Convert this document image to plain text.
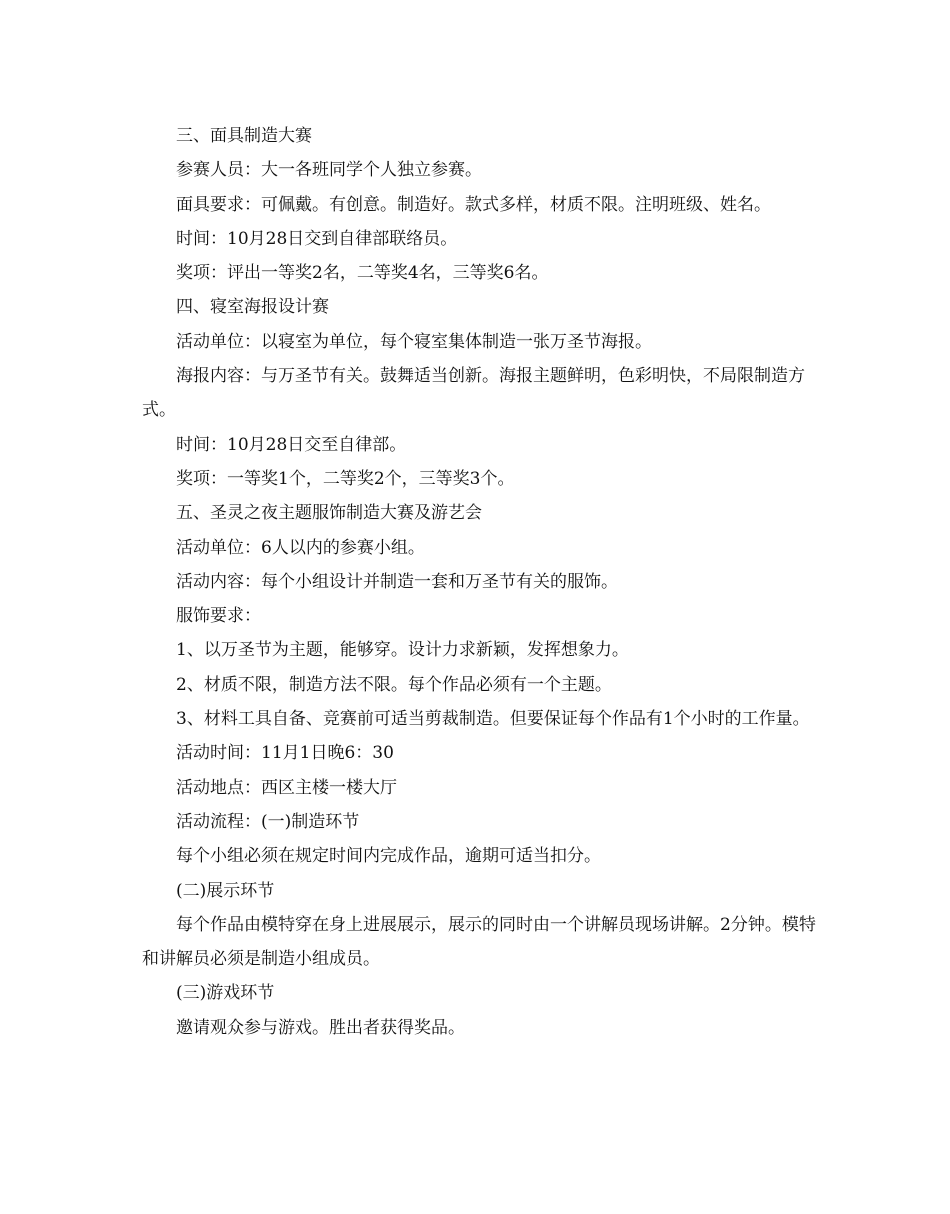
三、面具制造大赛

参赛人员：大一各班同学个人独立参赛。

面具要求：可佩戴。有创意。制造好。款式多样，材质不限。注明班级、姓名。

时间：10月28日交到自律部联络员。

奖项：评出一等奖2名，二等奖4名，三等奖6名。

四、寝室海报设计赛

活动单位：以寝室为单位，每个寝室集体制造一张万圣节海报。

海报内容：与万圣节有关。鼓舞适当创新。海报主题鲜明，色彩明快，不局限制造方式。

时间：10月28日交至自律部。

奖项：一等奖1个，二等奖2个，三等奖3个。

五、圣灵之夜主题服饰制造大赛及游艺会

活动单位：6人以内的参赛小组。

活动内容：每个小组设计并制造一套和万圣节有关的服饰。

服饰要求：

1、以万圣节为主题，能够穿。设计力求新颖，发挥想象力。

2、材质不限，制造方法不限。每个作品必须有一个主题。

3、材料工具自备、竞赛前可适当剪裁制造。但要保证每个作品有1个小时的工作量。

活动时间：11月1日晚6：30

活动地点：西区主楼一楼大厅

活动流程：(一)制造环节

每个小组必须在规定时间内完成作品，逾期可适当扣分。

(二)展示环节

每个作品由模特穿在身上进展展示，展示的同时由一个讲解员现场讲解。2分钟。模特和讲解员必须是制造小组成员。

(三)游戏环节

邀请观众参与游戏。胜出者获得奖品。
